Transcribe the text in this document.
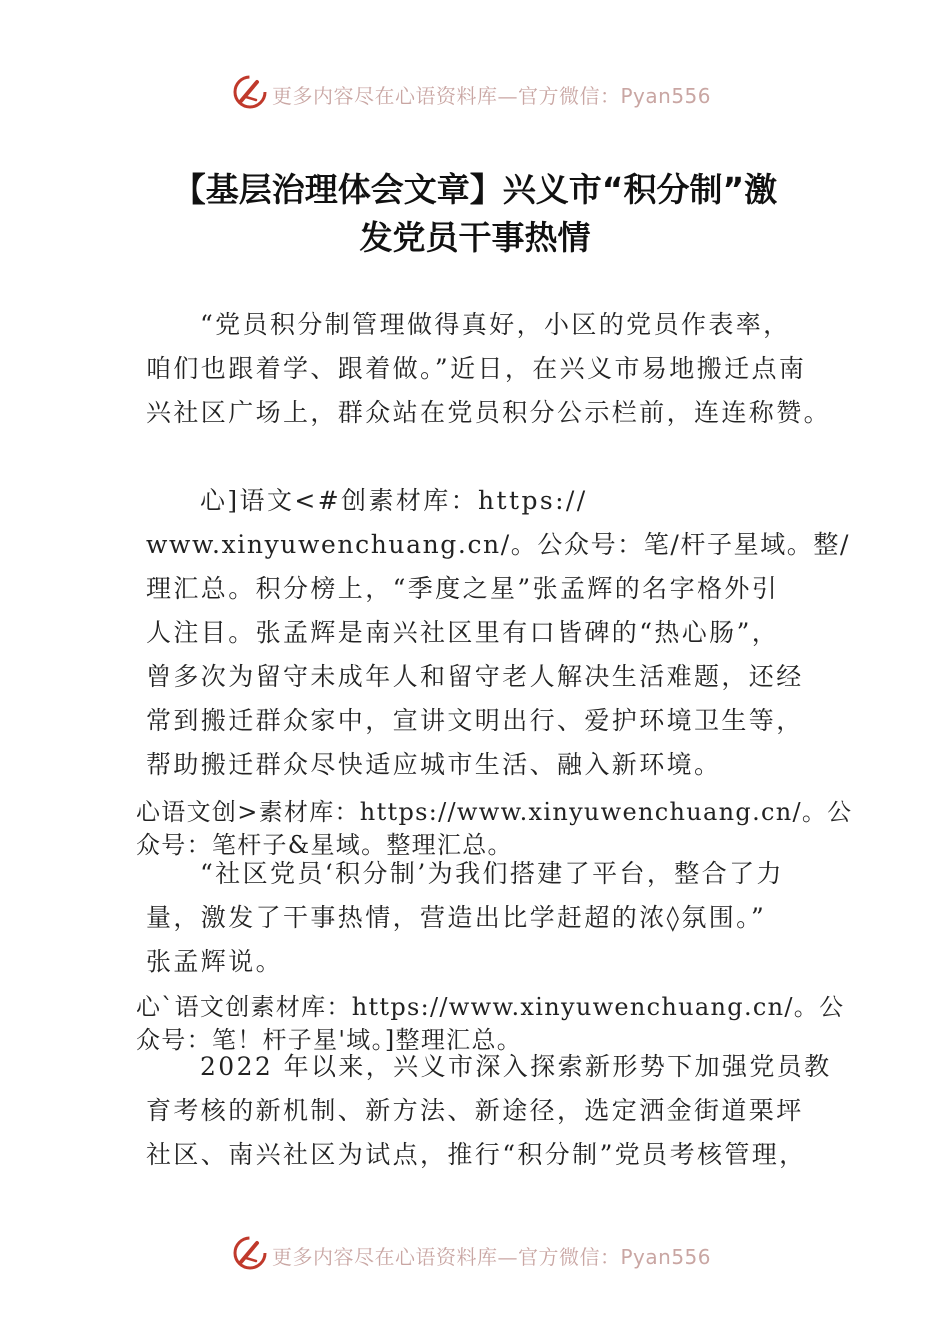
更多内容尽在心语资料库—官方微信：Pyan556
【基层治理体会文章】兴义市“积分制”激
发党员干事热情

“党员积分制管理做得真好，小区的党员作表率，
咱们也跟着学、跟着做。”近日，在兴义市易地搬迁点南
兴社区广场上，群众站在党员积分公示栏前，连连称赞。

心]语文<#创素材库：https://
www.xinyuwenchuang.cn/。公众号：笔/杆子星域。整/
理汇总。积分榜上，“季度之星”张孟辉的名字格外引
人注目。张孟辉是南兴社区里有口皆碑的“热心肠”，
曾多次为留守未成年人和留守老人解决生活难题，还经
常到搬迁群众家中，宣讲文明出行、爱护环境卫生等，
帮助搬迁群众尽快适应城市生活、融入新环境。

心语文创>素材库：https://www.xinyuwenchuang.cn/。公
众号：笔杆子&星域。整理汇总。

“社区党员‘积分制’为我们搭建了平台，整合了力
量，激发了干事热情，营造出比学赶超的浓◊氛围。”
张孟辉说。

心`语文创素材库：https://www.xinyuwenchuang.cn/。公
众号：笔！杆子星'域。]整理汇总。

2022 年以来，兴义市深入探索新形势下加强党员教
育考核的新机制、新方法、新途径，选定洒金街道栗坪
社区、南兴社区为试点，推行“积分制”党员考核管理，

更多内容尽在心语资料库—官方微信：Pyan556
